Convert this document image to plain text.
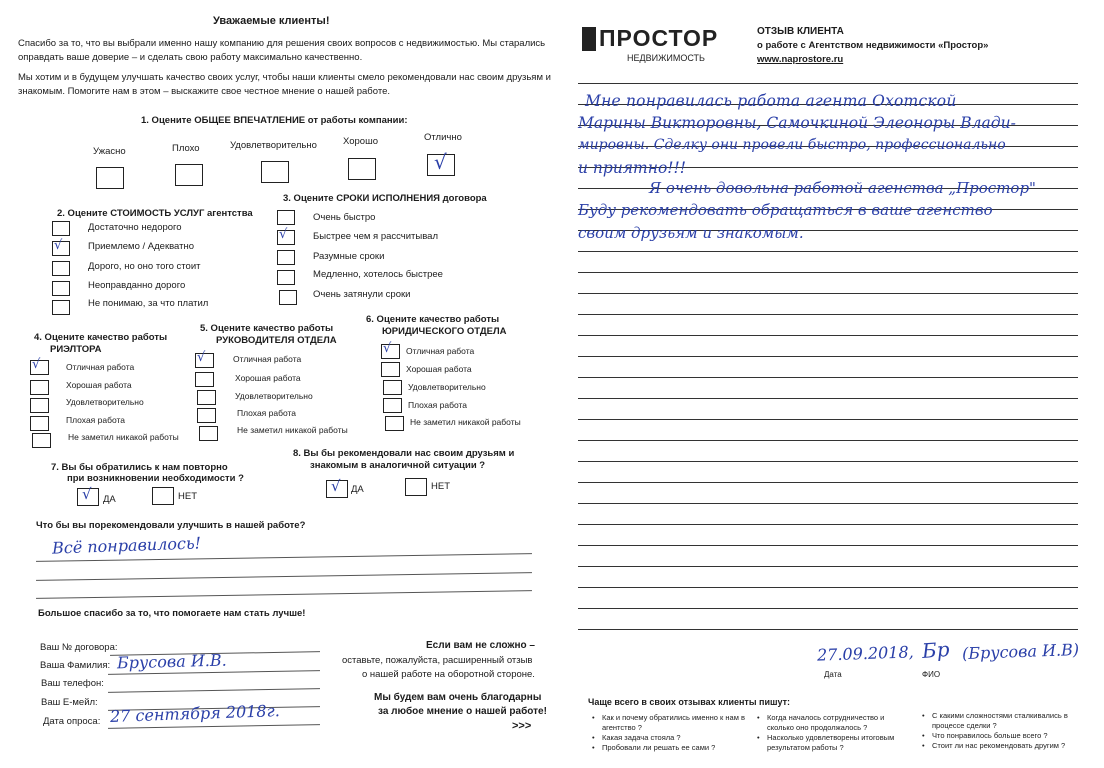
Уважаемые клиенты!
Спасибо за то, что вы выбрали именно нашу компанию для решения своих вопросов с недвижимостью. Мы старались
оправдать ваше доверие – и сделать свою работу максимально качественно.
Мы хотим и в будущем улучшать качество своих услуг, чтобы наши клиенты смело рекомендовали нас своим друзьям и
знакомым. Помогите нам в этом – выскажите свое честное мнение о нашей работе.
1. Оцените ОБЩЕЕ ВПЕЧАТЛЕНИЕ от работы компании:
Ужасно	Плохо	Удовлетворительно	Хорошо	Отлично
√
2. Оцените СТОИМОСТЬ УСЛУГ агентства
Достаточно недорого
√	Приемлемо / Адекватно
Дорого, но оно того стоит
Неоправданно дорого
Не понимаю, за что платил
3. Оцените СРОКИ ИСПОЛНЕНИЯ договора
Очень быстро
√	Быстрее чем я рассчитывал
Разумные сроки
Медленно, хотелось быстрее
Очень затянули сроки
4. Оцените качество работы
РИЭЛТОРА
√	Отличная работа
Хорошая работа
Удовлетворительно
Плохая работа
Не заметил никакой работы
5. Оцените качество работы
РУКОВОДИТЕЛЯ ОТДЕЛА
√	Отличная работа
Хорошая работа
Удовлетворительно
Плохая работа
Не заметил никакой работы
6. Оцените качество работы
ЮРИДИЧЕСКОГО ОТДЕЛА
√ Отличная работа
Хорошая работа
Удовлетворительно
Плохая работа
Не заметил никакой работы
7. Вы бы обратились к нам повторно
при возникновении необходимости ?
√ ДА	НЕТ
8. Вы бы рекомендовали нас своим друзьям и
знакомым в аналогичной ситуации ?
√ ДА	НЕТ
Что бы вы порекомендовали улучшить в нашей работе?
Всё понравилось!
Большое спасибо за то, что помогаете нам стать лучше!
Ваш № договора:
Ваша Фамилия: Брусова И.В.
Ваш телефон:
Ваш Е-мейл:
Дата опроса: 27 сентября 2018г.
Если вам не сложно –
оставьте, пожалуйста, расширенный отзыв
о нашей работе на оборотной стороне.
Мы будем вам очень благодарны
за любое мнение о нашей работе!
>>>
ПРОСТОР
НЕДВИЖИМОСТЬ
ОТЗЫВ КЛИЕНТА
о работе с Агентством недвижимости «Простор»
www.naprostore.ru
Мне понравилась работа агента Охотской
Марины Викторовны, Самочкиной Элеоноры Влади-
мировны. Сделку они провели быстро, профессионально
и приятно!!!
Я очень довольна работой агенства „Простор"
Буду рекомендовать обращаться в ваше агенство
своим друзьям и знакомым.
27.09.2018,
Дата
Бр (Брусова И.В)
ФИО
Чаще всего в своих отзывах клиенты пишут:
• Как и почему обратились именно к нам в агентство ?
• Какая задача стояла ?
• Пробовали ли решать ее сами ?
• Когда началось сотрудничество и сколько оно продолжалось ?
• Насколько удовлетворены итоговым результатом работы ?
• С какими сложностями сталкивались в процессе сделки ?
• Что понравилось больше всего ?
• Стоит ли нас рекомендовать другим ?
